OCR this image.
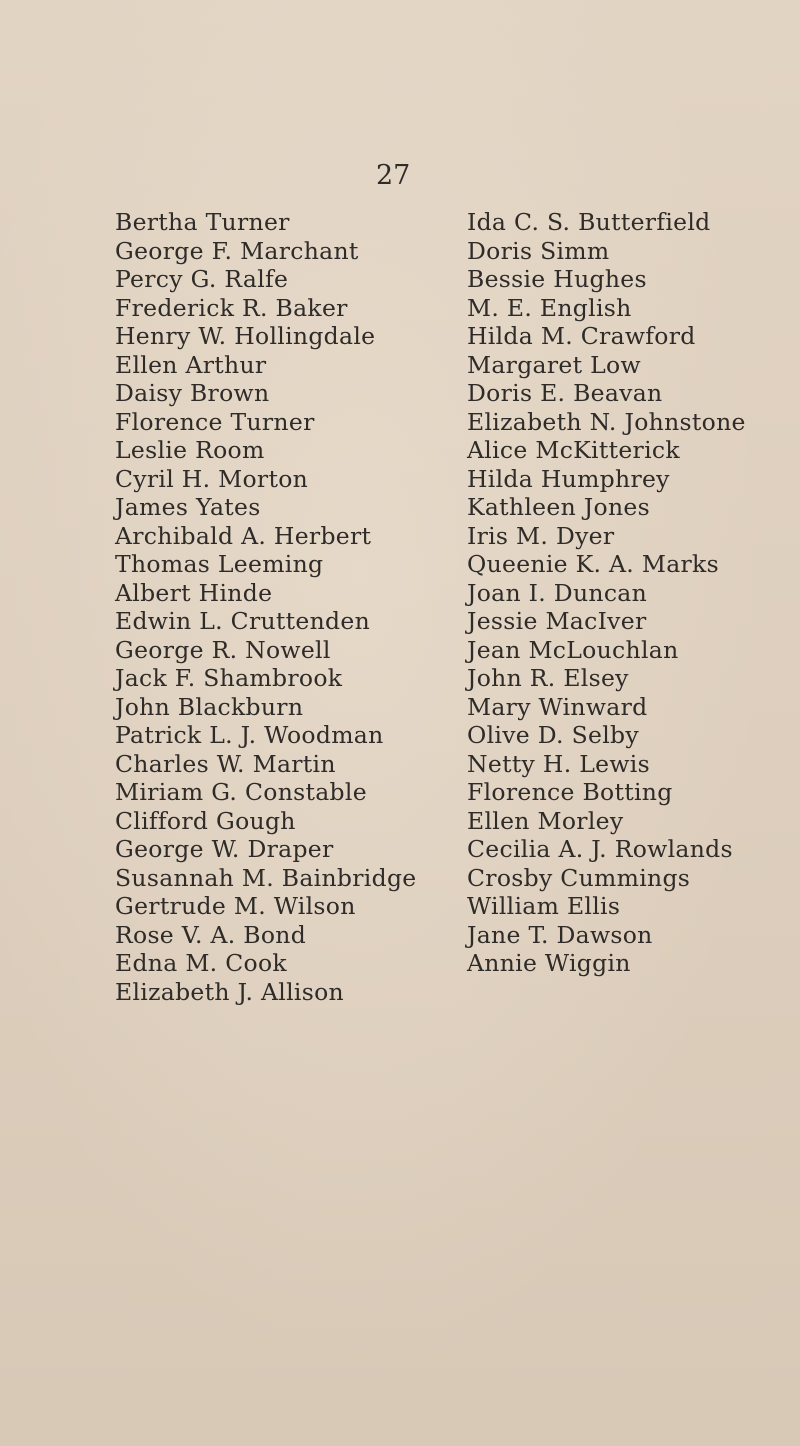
27
Bertha Turner
George F. Marchant
Percy G. Ralfe
Frederick R. Baker
Henry W. Hollingdale
Ellen Arthur
Daisy Brown
Florence Turner
Leslie Room
Cyril H. Morton
James Yates
Archibald A. Herbert
Thomas Leeming
Albert Hinde
Edwin L. Cruttenden
George R. Nowell
Jack F. Shambrook
John Blackburn
Patrick L. J. Woodman
Charles W. Martin
Miriam G. Constable
Clifford Gough
George W. Draper
Susannah M. Bainbridge
Gertrude M. Wilson
Rose V. A. Bond
Edna M. Cook
Elizabeth J. Allison
Ida C. S. Butterfield
Doris Simm
Bessie Hughes
M. E. English
Hilda M. Crawford
Margaret Low
Doris E. Beavan
Elizabeth N. Johnstone
Alice McKitterick
Hilda Humphrey
Kathleen Jones
Iris M. Dyer
Queenie K. A. Marks
Joan I. Duncan
Jessie MacIver
Jean McLouchlan
John R. Elsey
Mary Winward
Olive D. Selby
Netty H. Lewis
Florence Botting
Ellen Morley
Cecilia A. J. Rowlands
Crosby Cummings
William Ellis
Jane T. Dawson
Annie Wiggin
